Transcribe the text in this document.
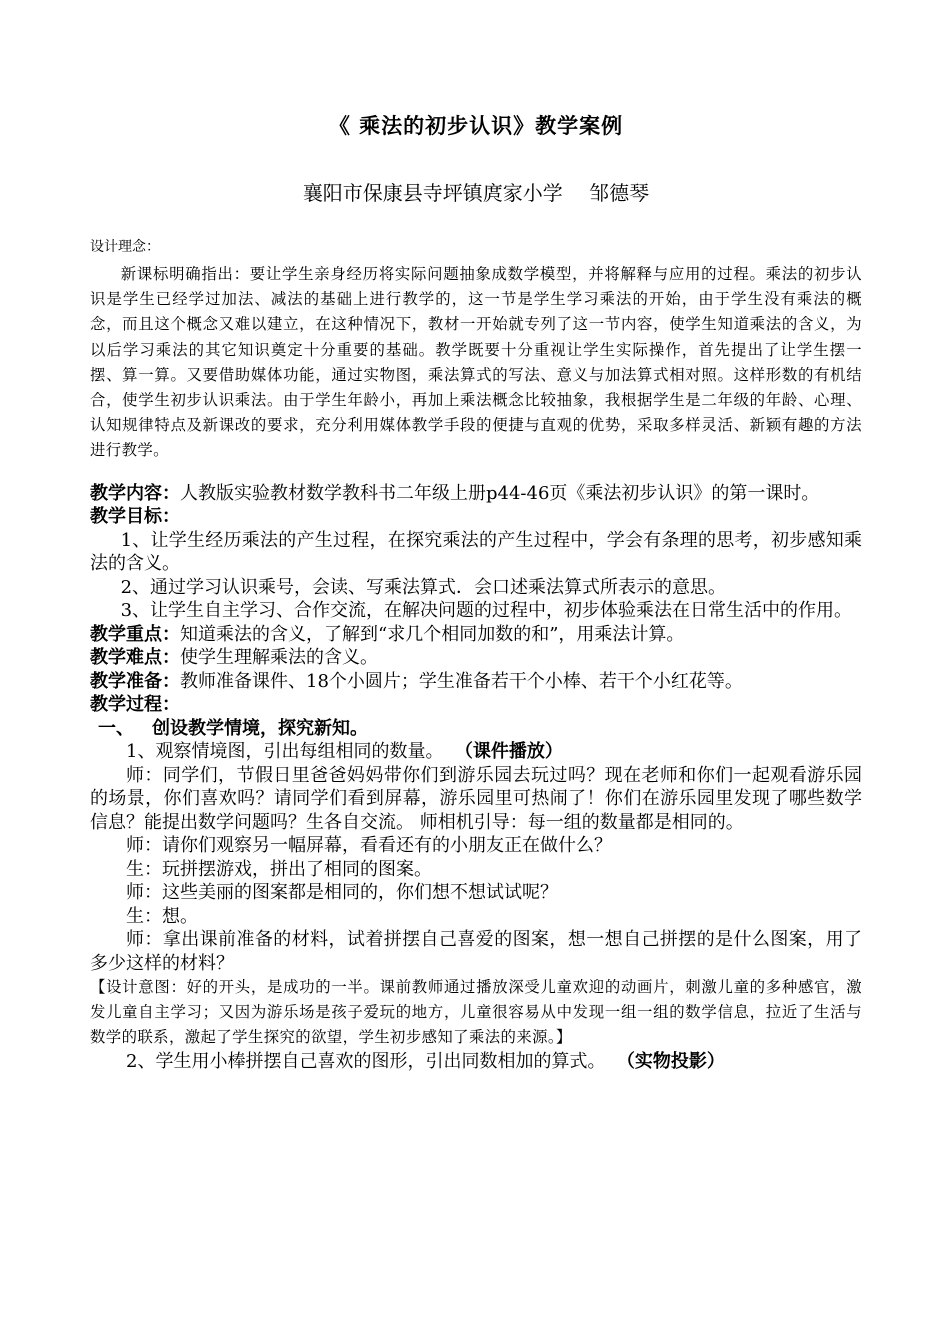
《 乘法的初步认识》教学案例
襄阳市保康县寺坪镇庹家小学　 邹德琴
设计理念：
新课标明确指出：要让学生亲身经历将实际问题抽象成数学模型，并将解释与应用的过程。乘法的初步认识是学生已经学过加法、减法的基础上进行教学的，这一节是学生学习乘法的开始，由于学生没有乘法的概念，而且这个概念又难以建立，在这种情况下，教材一开始就专列了这一节内容，使学生知道乘法的含义，为以后学习乘法的其它知识奠定十分重要的基础。教学既要十分重视让学生实际操作，首先提出了让学生摆一摆、算一算。又要借助媒体功能，通过实物图，乘法算式的写法、意义与加法算式相对照。这样形数的有机结合，使学生初步认识乘法。由于学生年龄小，再加上乘法概念比较抽象，我根据学生是二年级的年龄、心理、认知规律特点及新课改的要求，充分利用媒体教学手段的便捷与直观的优势，采取多样灵活、新颖有趣的方法进行教学。
教学内容：人教版实验教材数学教科书二年级上册p44-46页《乘法初步认识》的第一课时。
教学目标：
1、让学生经历乘法的产生过程，在探究乘法的产生过程中，学会有条理的思考，初步感知乘法的含义。
2、通过学习认识乘号，会读、写乘法算式．会口述乘法算式所表示的意思。
3、让学生自主学习、合作交流，在解决问题的过程中，初步体验乘法在日常生活中的作用。
教学重点：知道乘法的含义，了解到“求几个相同加数的和”，用乘法计算。
教学难点：使学生理解乘法的含义。
教学准备：教师准备课件、18个小圆片；学生准备若干个小棒、若干个小红花等。
教学过程：
一、 创设教学情境，探究新知。
1、观察情境图，引出每组相同的数量。 （课件播放）
师：同学们，节假日里爸爸妈妈带你们到游乐园去玩过吗？现在老师和你们一起观看游乐园的场景，你们喜欢吗？请同学们看到屏幕，游乐园里可热闹了！你们在游乐园里发现了哪些数学信息？能提出数学问题吗？生各自交流。 师相机引导：每一组的数量都是相同的。
师：请你们观察另一幅屏幕，看看还有的小朋友正在做什么？
生：玩拼摆游戏，拼出了相同的图案。
师：这些美丽的图案都是相同的，你们想不想试试呢？
生：想。
师：拿出课前准备的材料，试着拼摆自己喜爱的图案，想一想自己拼摆的是什么图案，用了多少这样的材料？
【设计意图：好的开头，是成功的一半。课前教师通过播放深受儿童欢迎的动画片，刺激儿童的多种感官，激发儿童自主学习；又因为游乐场是孩子爱玩的地方，儿童很容易从中发现一组一组的数学信息，拉近了生活与数学的联系，激起了学生探究的欲望，学生初步感知了乘法的来源。】
2、学生用小棒拼摆自己喜欢的图形，引出同数相加的算式。 （实物投影）
